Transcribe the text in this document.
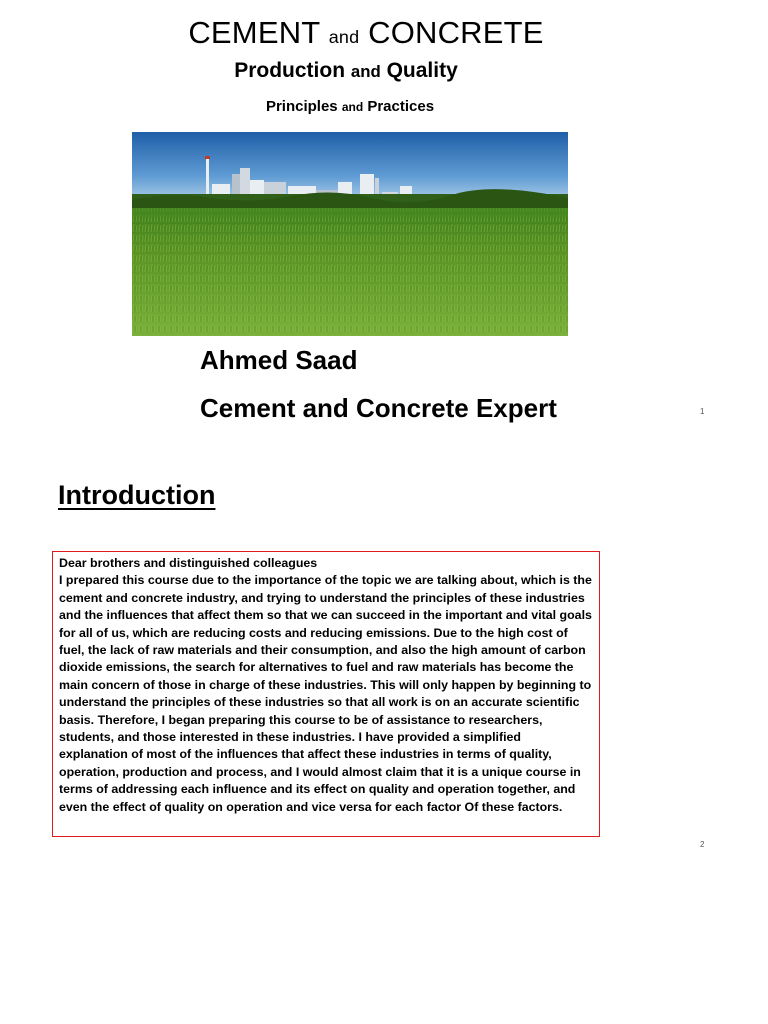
CEMENT and CONCRETE
Production and Quality
Principles and Practices

Ahmed Saad

Cement and Concrete Expert	1
Introduction

Dear brothers and distinguished colleagues

I prepared this course due to the importance of the topic we are talking about, which is the cement and concrete industry, and trying to understand the principles of these industries and the influences that affect them so that we can succeed in the important and vital goals for all of us, which are reducing costs and reducing emissions. Due to the high cost of fuel, the lack of raw materials and their consumption, and also the high amount of carbon dioxide emissions, the search for alternatives to fuel and raw materials has become the main concern of those in charge of these industries. This will only happen by beginning to understand the principles of these industries so that all work is on an accurate scientific basis. Therefore, I began preparing this course to be of assistance to researchers, students, and those interested in these industries. I have provided a simplified explanation of most of the influences that affect these industries in terms of quality, operation, production and process, and I would almost claim that it is a unique course in terms of addressing each influence and its effect on quality and operation together, and even the effect of quality on operation and vice versa for each factor Of these factors.

2
